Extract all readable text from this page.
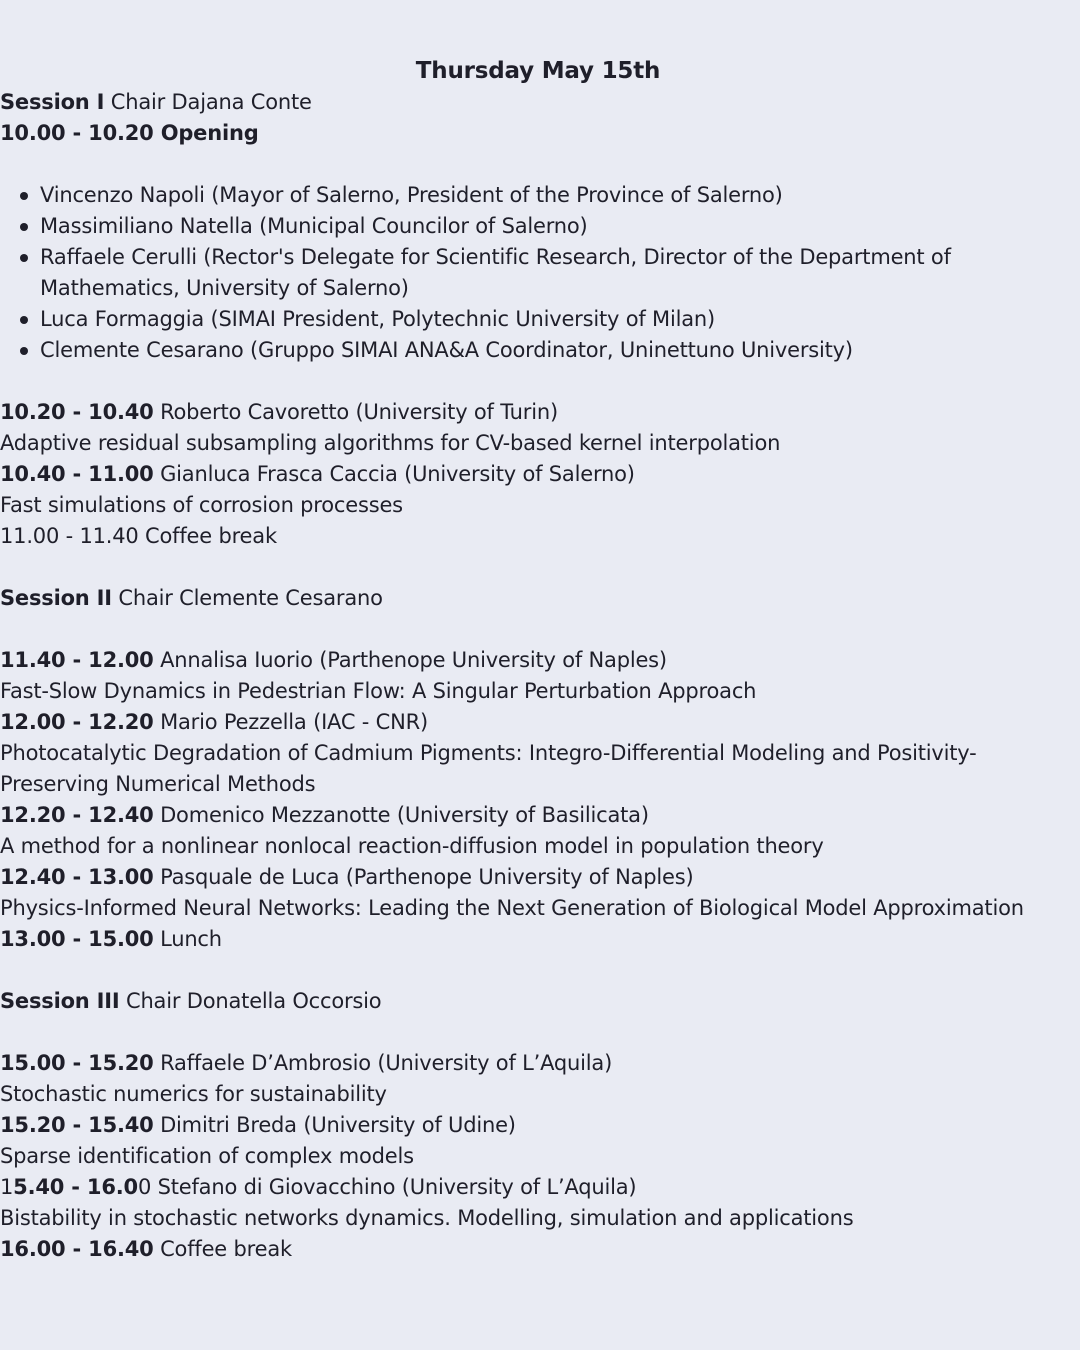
Thursday May 15th

Session I Chair Dajana Conte

10.00 - 10.20 Opening

Vincenzo Napoli (Mayor of Salerno, President of the Province of Salerno)
Massimiliano Natella (Municipal Councilor of Salerno)
Raffaele Cerulli (Rector's Delegate for Scientific Research, Director of the Department of Mathematics, University of Salerno)
Luca Formaggia (SIMAI President, Polytechnic University of Milan)
Clemente Cesarano (Gruppo SIMAI ANA&A Coordinator, Uninettuno University)

10.20 - 10.40 Roberto Cavoretto (University of Turin)

Adaptive residual subsampling algorithms for CV-based kernel interpolation

10.40 - 11.00 Gianluca Frasca Caccia (University of Salerno)

Fast simulations of corrosion processes

11.00 - 11.40 Coffee break

Session II Chair Clemente Cesarano

11.40 - 12.00 Annalisa Iuorio (Parthenope University of Naples)

Fast-Slow Dynamics in Pedestrian Flow: A Singular Perturbation Approach

12.00 - 12.20 Mario Pezzella (IAC - CNR)

Photocatalytic Degradation of Cadmium Pigments: Integro-Differential Modeling and Positivity-Preserving Numerical Methods

12.20 - 12.40 Domenico Mezzanotte (University of Basilicata)

A method for a nonlinear nonlocal reaction-diffusion model in population theory

12.40 - 13.00 Pasquale de Luca (Parthenope University of Naples)

Physics-Informed Neural Networks: Leading the Next Generation of Biological Model Approximation

13.00 - 15.00 Lunch

Session III Chair Donatella Occorsio

15.00 - 15.20 Raffaele D’Ambrosio (University of L’Aquila)

Stochastic numerics for sustainability

15.20 - 15.40 Dimitri Breda (University of Udine)

Sparse identification of complex models

15.40 - 16.00 Stefano di Giovacchino (University of L’Aquila)

Bistability in stochastic networks dynamics. Modelling, simulation and applications

16.00 - 16.40 Coffee break
